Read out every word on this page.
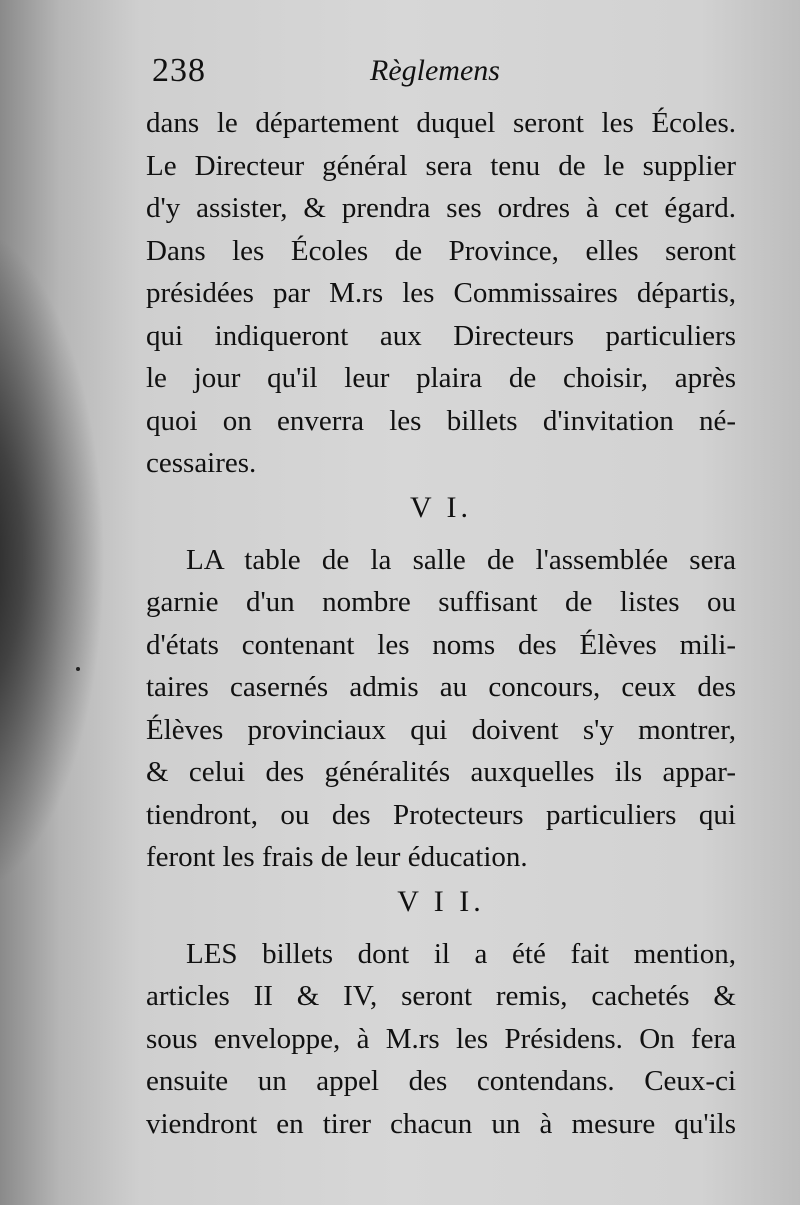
238	Règlemens
dans le département duquel seront les Écoles.
Le Directeur général sera tenu de le supplier
d'y assister, & prendra ses ordres à cet égard.
Dans les Écoles de Province, elles seront
présidées par M.rs les Commissaires départis,
qui indiqueront aux Directeurs particuliers
le jour qu'il leur plaira de choisir, après
quoi on enverra les billets d'invitation né-
cessaires.
V I.
LA table de la salle de l'assemblée sera
garnie d'un nombre suffisant de listes ou
d'états contenant les noms des Élèves mili-
taires casernés admis au concours, ceux des
Élèves provinciaux qui doivent s'y montrer,
& celui des généralités auxquelles ils appar-
tiendront, ou des Protecteurs particuliers qui
feront les frais de leur éducation.
V I I.
LES billets dont il a été fait mention,
articles II & IV, seront remis, cachetés &
sous enveloppe, à M.rs les Présidens. On fera
ensuite un appel des contendans. Ceux-ci
viendront en tirer chacun un à mesure qu'ils
